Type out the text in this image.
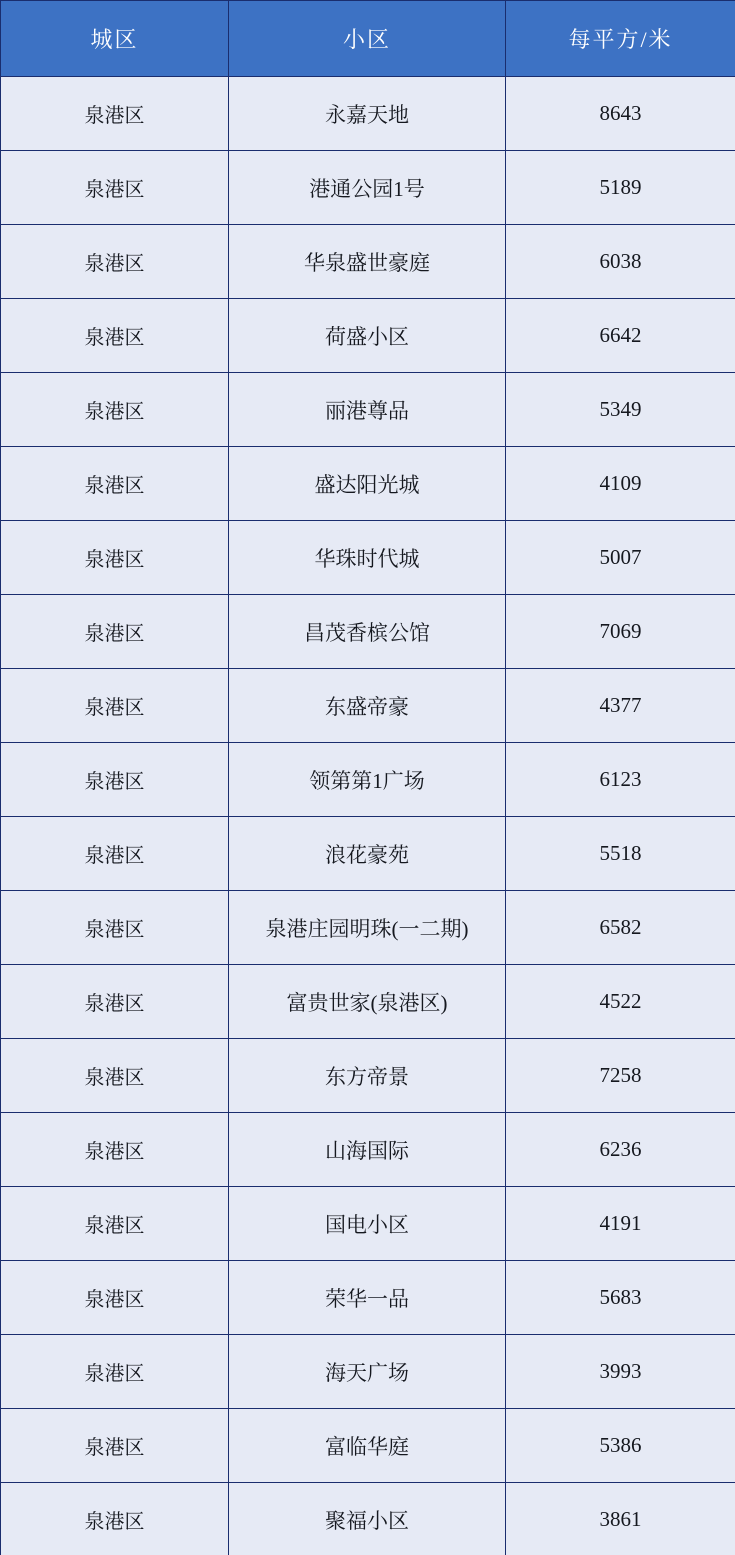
城区	小区	每平方/米
泉港区	永嘉天地	8643
泉港区	港通公园1号	5189
泉港区	华泉盛世豪庭	6038
泉港区	荷盛小区	6642
泉港区	丽港尊品	5349
泉港区	盛达阳光城	4109
泉港区	华珠时代城	5007
泉港区	昌茂香槟公馆	7069
泉港区	东盛帝豪	4377
泉港区	领第第1广场	6123
泉港区	浪花豪苑	5518
泉港区	泉港庄园明珠(一二期)	6582
泉港区	富贵世家(泉港区)	4522
泉港区	东方帝景	7258
泉港区	山海国际	6236
泉港区	国电小区	4191
泉港区	荣华一品	5683
泉港区	海天广场	3993
泉港区	富临华庭	5386
泉港区	聚福小区	3861
